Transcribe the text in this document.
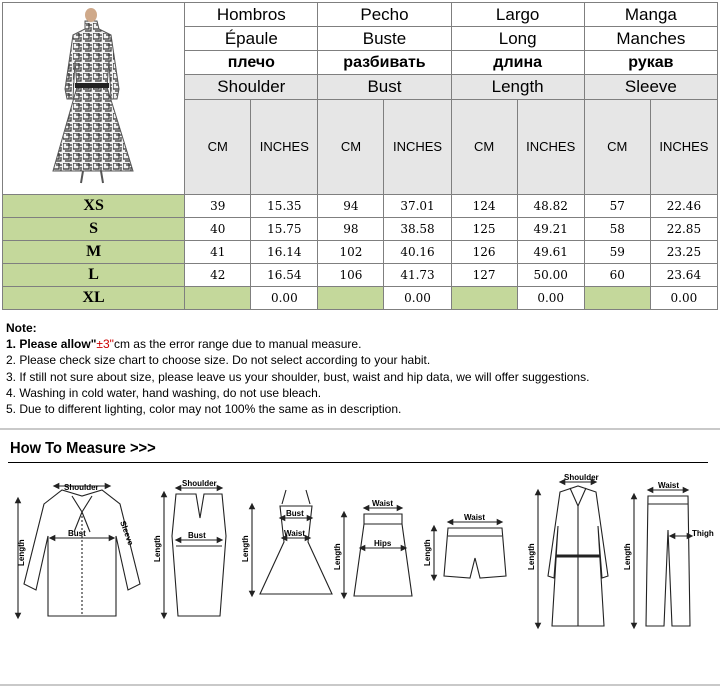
	Hombros		Pecho		Largo		Manga	
	Épaule		Buste		Long		Manches	
	плечо		разбивать		длина		рукав	
	Shoulder		Bust		Length		Sleeve	
	CM	INCHES	CM	INCHES	CM	INCHES	CM	INCHES
XS	39	15.35	94	37.01	124	48.82	57	22.46
S	40	15.75	98	38.58	125	49.21	58	22.85
M	41	16.14	102	40.16	126	49.61	59	23.25
L	42	16.54	106	41.73	127	50.00	60	23.64
XL		0.00		0.00		0.00		0.00
Note:
1. Please allow"±3"cm as the error range due to manual measure.
2. Please check size chart to choose size. Do not select according to your habit.
3. If still not sure about size, please leave us your shoulder, bust, waist and hip data, we will offer suggestions.
4. Washing in cold water, hand washing, do not use bleach.
5. Due to different lighting, color may not 100% the same as in description.
How To Measure >>>
Shoulder
Length
Bust	Sleeve
Shoulder
Length	Bust
Bust
Waist
Length
Waist
Hips
Length
Waist
Length
Shoulder
Length
Waist
Thigh
Length
